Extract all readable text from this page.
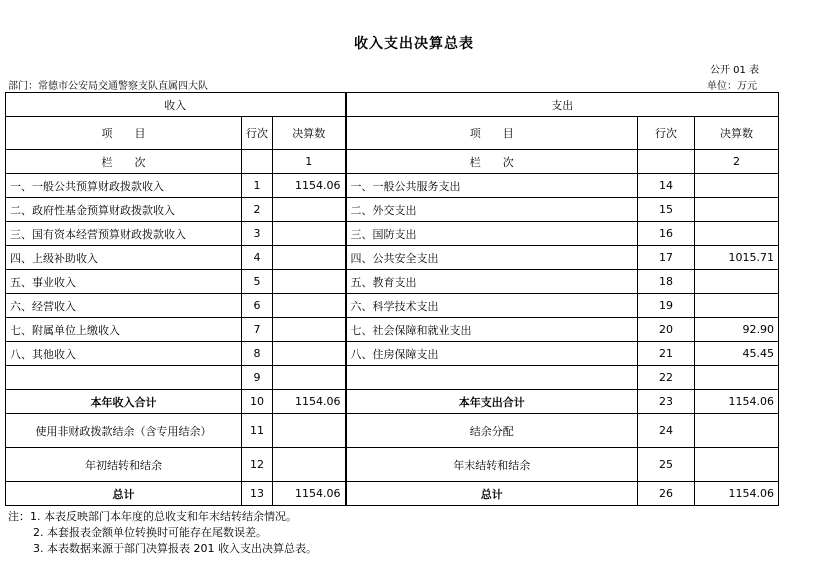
收入支出决算总表
公开 01 表
部门：常德市公安局交通警察支队直属四大队	单位：万元
收入			支出		
项　　目	行次	决算数	项　　目	行次	决算数
栏　　次		1	栏　　次		2
一、一般公共预算财政拨款收入	1	1154.06	一、一般公共服务支出	14	
二、政府性基金预算财政拨款收入	2		二、外交支出	15	
三、国有资本经营预算财政拨款收入	3		三、国防支出	16	
四、上级补助收入	4		四、公共安全支出	17	1015.71
五、事业收入	5		五、教育支出	18	
六、经营收入	6		六、科学技术支出	19	
七、附属单位上缴收入	7		七、社会保障和就业支出	20	92.90
八、其他收入	8		八、住房保障支出	21	45.45
	9			22	
本年收入合计	10	1154.06	本年支出合计	23	1154.06
使用非财政拨款结余（含专用结余）	11		结余分配	24	
年初结转和结余	12		年末结转和结余	25	
总计	13	1154.06	总计	26	1154.06
注：1. 本表反映部门本年度的总收支和年末结转结余情况。
2. 本套报表金额单位转换时可能存在尾数误差。
3. 本表数据来源于部门决算报表 201 收入支出决算总表。
